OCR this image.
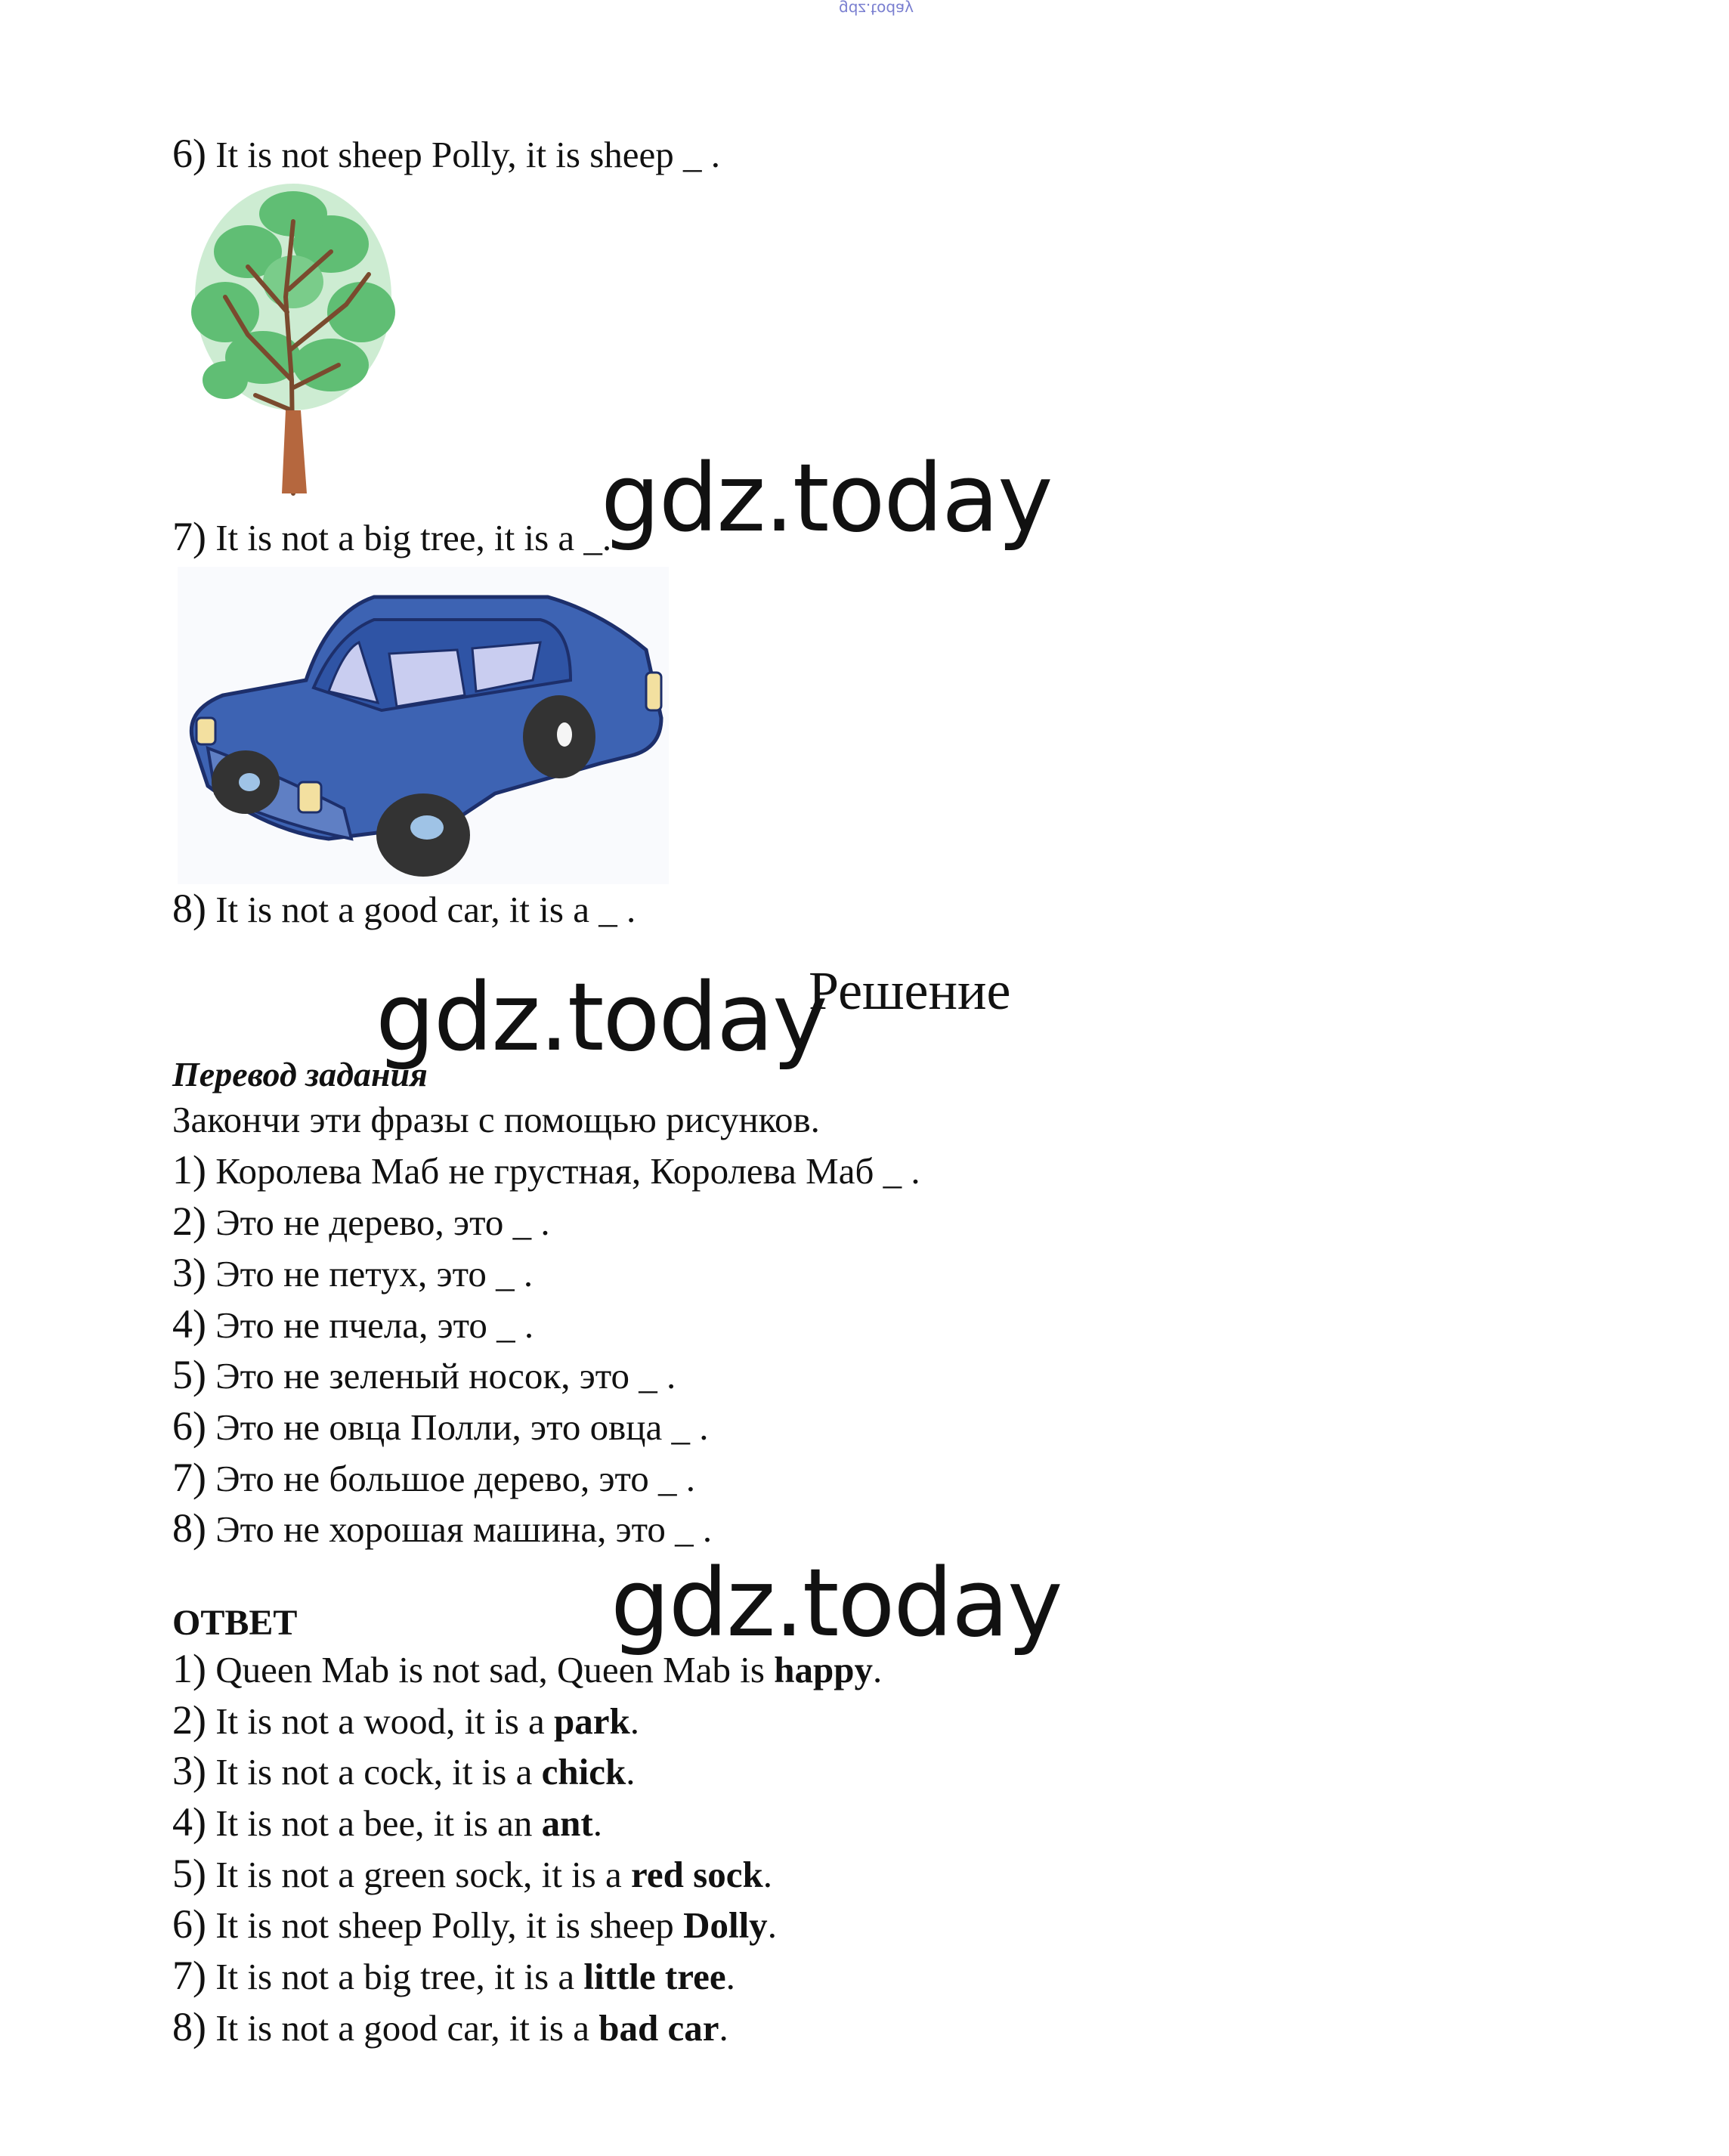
gdz.today
6) It is not sheep Polly, it is sheep _ .
gdz.today
7) It is not a big tree, it is a _.
8) It is not a good car, it is a _ .
Решение
gdz.today
Перевод задания
Закончи эти фразы с помощью рисунков.
1) Королева Маб не грустная, Королева Маб _ .
2) Это не дерево, это _ .
3) Это не петух, это _ .
4) Это не пчела, это _ .
5) Это не зеленый носок, это _ .
6) Это не овца Полли, это овца _ .
7) Это не большое дерево, это _ .
8) Это не хорошая машина, это _ .
gdz.today
ОТВЕТ
1) Queen Mab is not sad, Queen Mab is happy.
2) It is not a wood, it is a park.
3) It is not a cock, it is a chick.
4) It is not a bee, it is an ant.
5) It is not a green sock, it is a red sock.
6) It is not sheep Polly, it is sheep Dolly.
7) It is not a big tree, it is a little tree.
8) It is not a good car, it is a bad car.
